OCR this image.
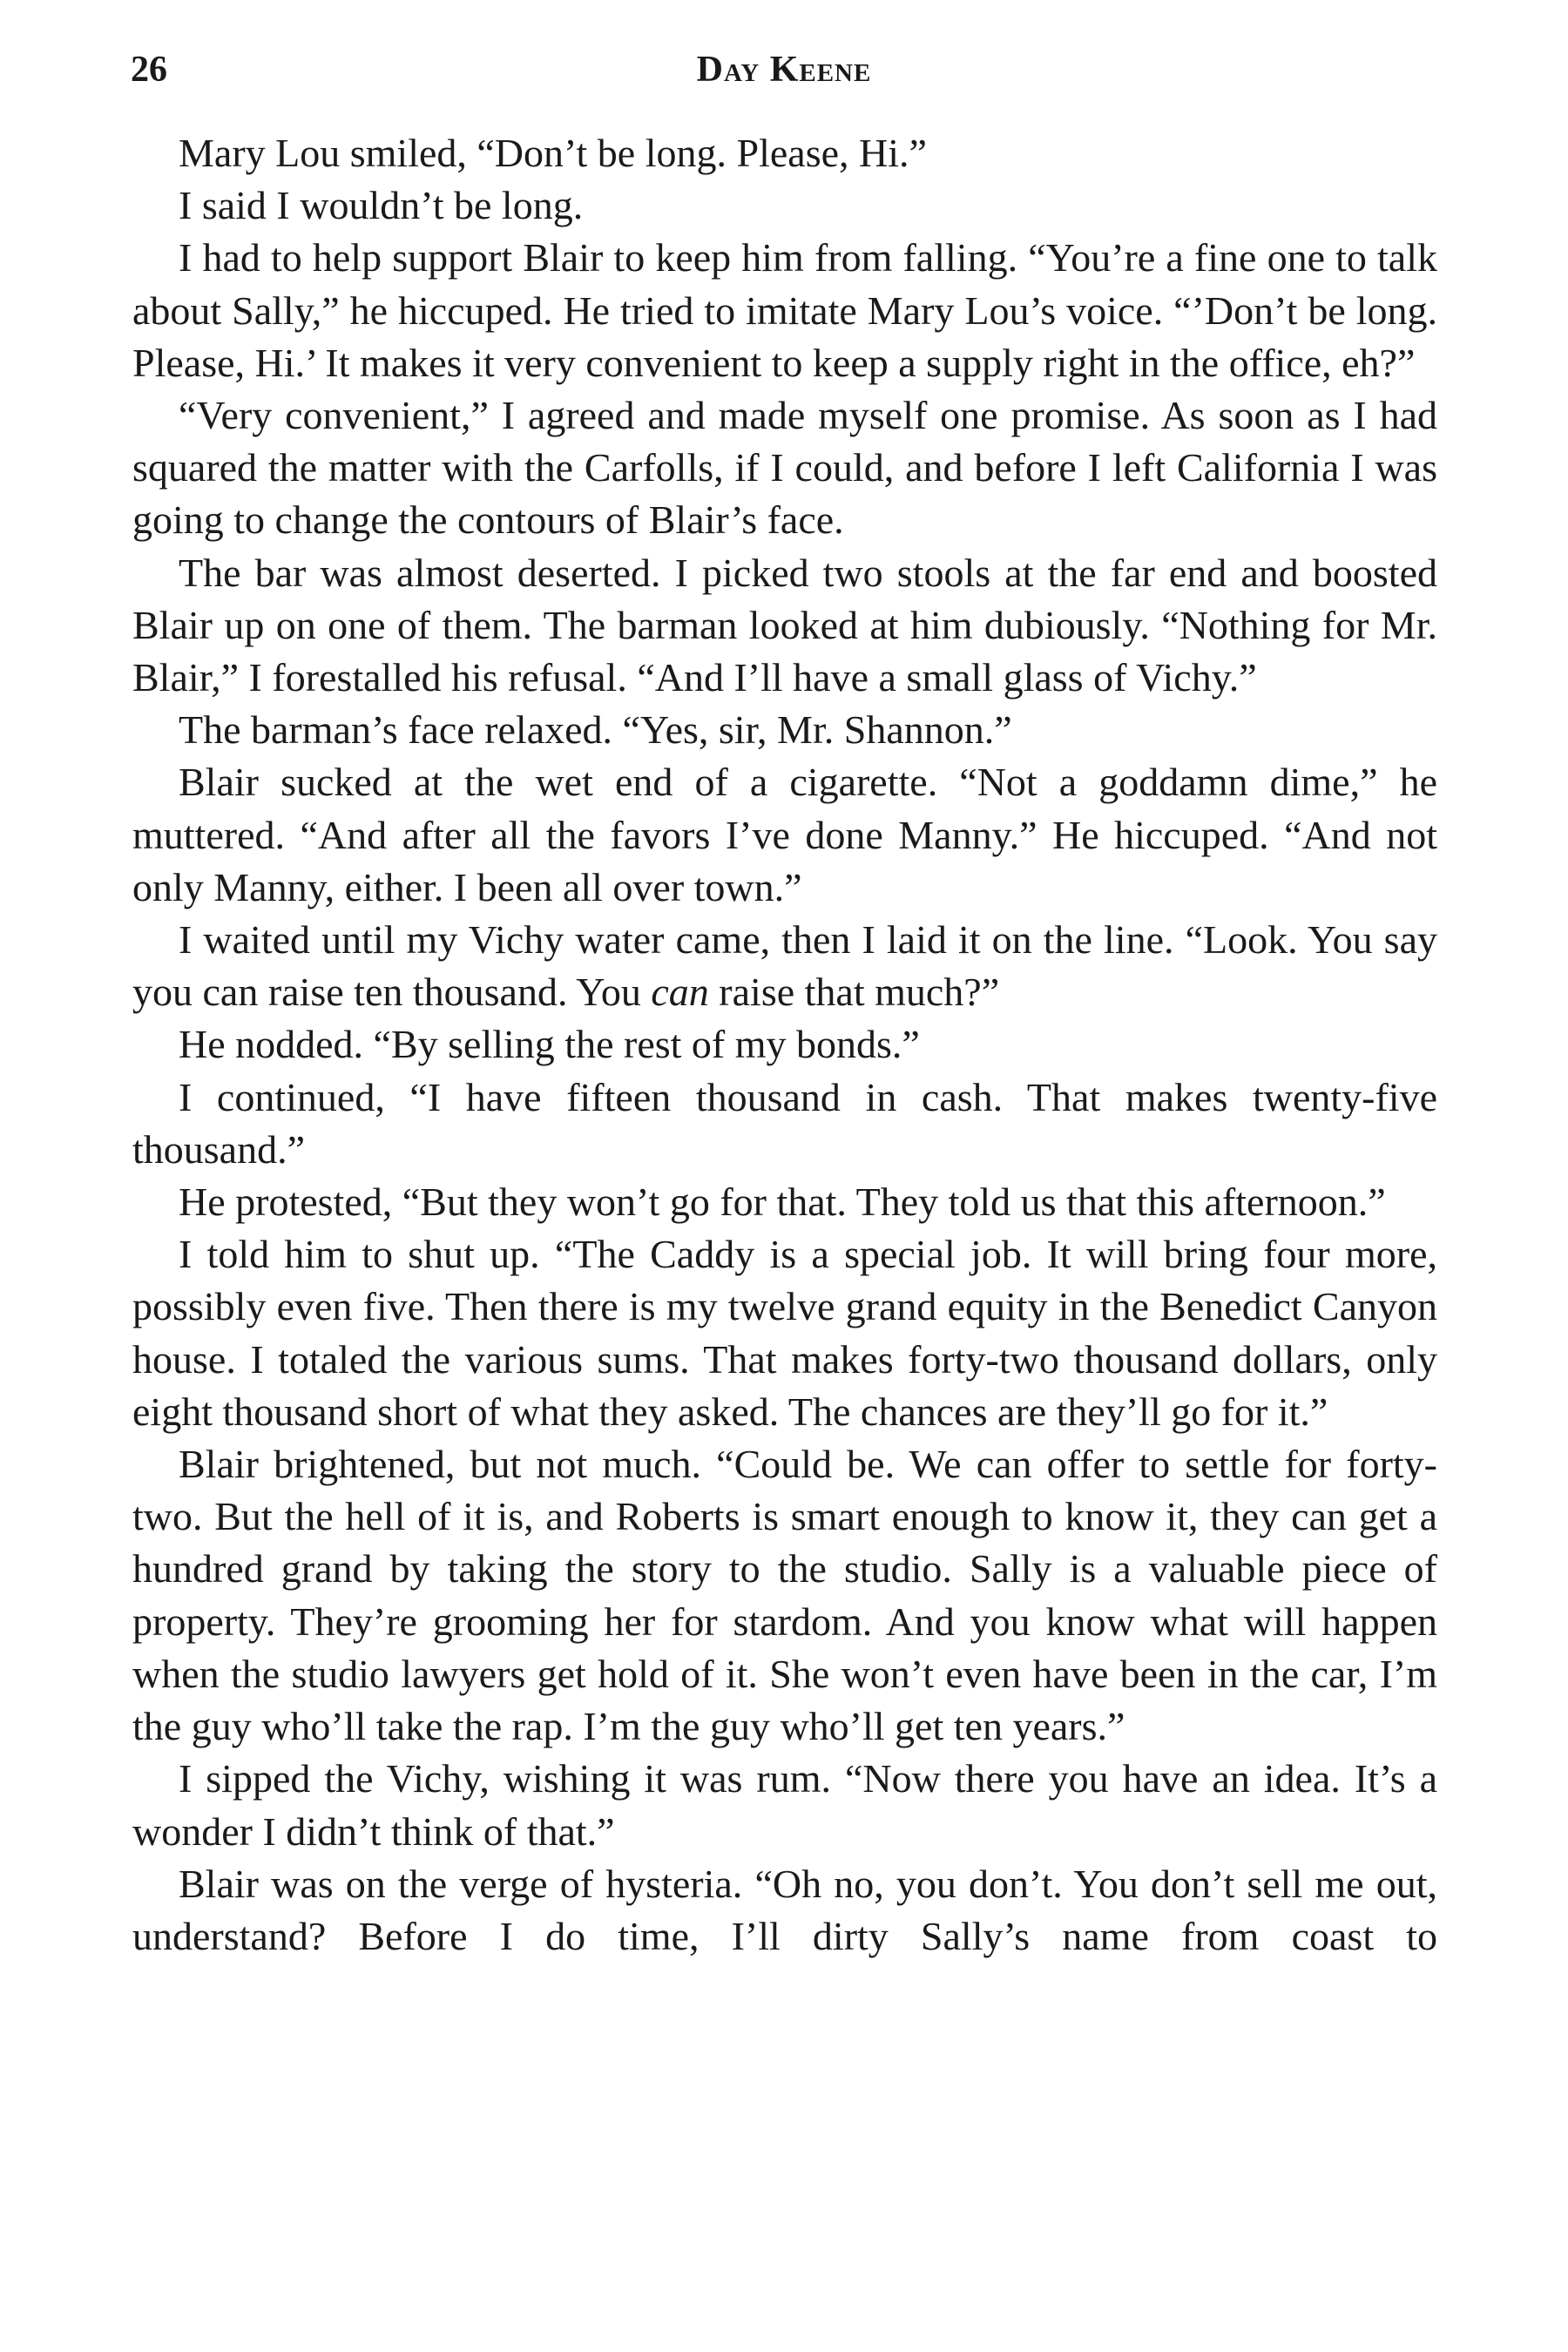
26	Day Keene

Mary Lou smiled, “Don’t be long. Please, Hi.”

I said I wouldn’t be long.

I had to help support Blair to keep him from falling. “You’re a fine one to talk about Sally,” he hiccuped. He tried to imitate Mary Lou’s voice. “’Don’t be long. Please, Hi.’ It makes it very convenient to keep a supply right in the office, eh?”

“Very convenient,” I agreed and made myself one promise. As soon as I had squared the matter with the Carfolls, if I could, and before I left California I was going to change the contours of Blair’s face.

The bar was almost deserted. I picked two stools at the far end and boosted Blair up on one of them. The barman looked at him dubiously. “Nothing for Mr. Blair,” I forestalled his refusal. “And I’ll have a small glass of Vichy.”

The barman’s face relaxed. “Yes, sir, Mr. Shannon.”

Blair sucked at the wet end of a cigarette. “Not a goddamn dime,” he muttered. “And after all the favors I’ve done Manny.” He hiccuped. “And not only Manny, either. I been all over town.”

I waited until my Vichy water came, then I laid it on the line. “Look. You say you can raise ten thousand. You can raise that much?”

He nodded. “By selling the rest of my bonds.”

I continued, “I have fifteen thousand in cash. That makes twenty-five thousand.”

He protested, “But they won’t go for that. They told us that this afternoon.”

I told him to shut up. “The Caddy is a special job. It will bring four more, possibly even five. Then there is my twelve grand equity in the Benedict Canyon house. I totaled the various sums. That makes forty-two thousand dollars, only eight thousand short of what they asked. The chances are they’ll go for it.”

Blair brightened, but not much. “Could be. We can offer to settle for forty-two. But the hell of it is, and Roberts is smart enough to know it, they can get a hundred grand by taking the story to the studio. Sally is a valuable piece of property. They’re grooming her for stardom. And you know what will happen when the studio lawyers get hold of it. She won’t even have been in the car, I’m the guy who’ll take the rap. I’m the guy who’ll get ten years.”

I sipped the Vichy, wishing it was rum. “Now there you have an idea. It’s a wonder I didn’t think of that.”

Blair was on the verge of hysteria. “Oh no, you don’t. You don’t sell me out, understand? Before I do time, I’ll dirty Sally’s name from coast to
